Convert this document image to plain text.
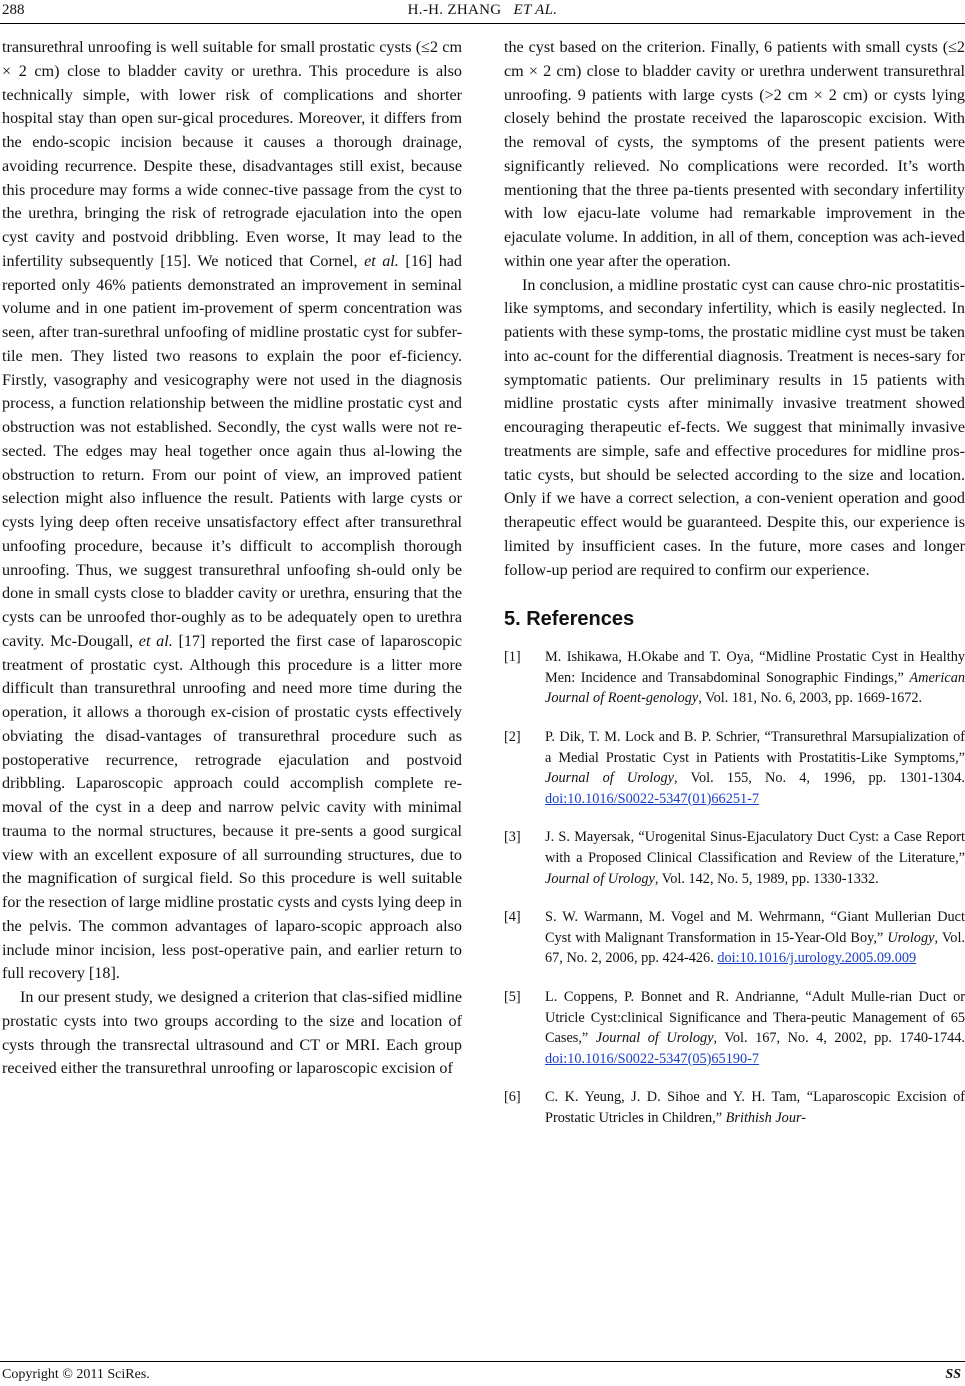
288	H.-H. ZHANG ET AL.

transurethral unroofing is well suitable for small prostatic cysts (≤2 cm × 2 cm) close to bladder cavity or urethra. This procedure is also technically simple, with lower risk of complications and shorter hospital stay than open sur-gical procedures. Moreover, it differs from the endo-scopic incision because it causes a thorough drainage, avoiding recurrence. Despite these, disadvantages still exist, because this procedure may forms a wide connec-tive passage from the cyst to the urethra, bringing the risk of retrograde ejaculation into the open cyst cavity and postvoid dribbling. Even worse, It may lead to the infertility subsequently [15]. We noticed that Cornel, et al. [16] had reported only 46% patients demonstrated an improvement in seminal volume and in one patient im-provement of sperm concentration was seen, after tran-surethral unfoofing of midline prostatic cyst for subfer-tile men. They listed two reasons to explain the poor ef-ficiency. Firstly, vasography and vesicography were not used in the diagnosis process, a function relationship between the midline prostatic cyst and obstruction was not established. Secondly, the cyst walls were not re-sected. The edges may heal together once again thus al-lowing the obstruction to return. From our point of view, an improved patient selection might also influence the result. Patients with large cysts or cysts lying deep often receive unsatisfactory effect after transurethral unfoofing procedure, because it’s difficult to accomplish thorough unroofing. Thus, we suggest transurethral unfoofing sh-ould only be done in small cysts close to bladder cavity or urethra, ensuring that the cysts can be unroofed thor-oughly as to be adequately open to urethra cavity. Mc-Dougall, et al. [17] reported the first case of laparoscopic treatment of prostatic cyst. Although this procedure is a litter more difficult than transurethral unroofing and need more time during the operation, it allows a thorough ex-cision of prostatic cysts effectively obviating the disad-vantages of transurethral procedure such as postoperative recurrence, retrograde ejaculation and postvoid dribbling. Laparoscopic approach could accomplish complete re-moval of the cyst in a deep and narrow pelvic cavity with minimal trauma to the normal structures, because it pre-sents a good surgical view with an excellent exposure of all surrounding structures, due to the magnification of surgical field. So this procedure is well suitable for the resection of large midline prostatic cysts and cysts lying deep in the pelvis. The common advantages of laparo-scopic approach also include minor incision, less post-operative pain, and earlier return to full recovery [18].

In our present study, we designed a criterion that clas-sified midline prostatic cysts into two groups according to the size and location of cysts through the transrectal ultrasound and CT or MRI. Each group received either the transurethral unroofing or laparoscopic excision of

the cyst based on the criterion. Finally, 6 patients with small cysts (≤2 cm × 2 cm) close to bladder cavity or urethra underwent transurethral unroofing. 9 patients with large cysts (>2 cm × 2 cm) or cysts lying closely behind the prostate received the laparoscopic excision. With the removal of cysts, the symptoms of the present patients were significantly relieved. No complications were recorded. It’s worth mentioning that the three pa-tients presented with secondary infertility with low ejacu-late volume had remarkable improvement in the ejaculate volume. In addition, in all of them, conception was ach-ieved within one year after the operation.

In conclusion, a midline prostatic cyst can cause chro-nic prostatitis-like symptoms, and secondary infertility, which is easily neglected. In patients with these symp-toms, the prostatic midline cyst must be taken into ac-count for the differential diagnosis. Treatment is neces-sary for symptomatic patients. Our preliminary results in 15 patients with midline prostatic cysts after minimally invasive treatment showed encouraging therapeutic ef-fects. We suggest that minimally invasive treatments are simple, safe and effective procedures for midline pros-tatic cysts, but should be selected according to the size and location. Only if we have a correct selection, a con-venient operation and good therapeutic effect would be guaranteed. Despite this, our experience is limited by insufficient cases. In the future, more cases and longer follow-up period are required to confirm our experience.

5. References
[1]	M. Ishikawa, H.Okabe and T. Oya, “Midline Prostatic Cyst in Healthy Men: Incidence and Transabdominal Sonographic Findings,” American Journal of Roent-genology, Vol. 181, No. 6, 2003, pp. 1669-1672.
[2]	P. Dik, T. M. Lock and B. P. Schrier, “Transurethral Marsupialization of a Medial Prostatic Cyst in Patients with Prostatitis-Like Symptoms,” Journal of Urology, Vol. 155, No. 4, 1996, pp. 1301-1304. doi:10.1016/S0022-5347(01)66251-7
[3]	J. S. Mayersak, “Urogenital Sinus-Ejaculatory Duct Cyst: a Case Report with a Proposed Clinical Classification and Review of the Literature,” Journal of Urology, Vol. 142, No. 5, 1989, pp. 1330-1332.
[4]	S. W. Warmann, M. Vogel and M. Wehrmann, “Giant Mullerian Duct Cyst with Malignant Transformation in 15-Year-Old Boy,” Urology, Vol. 67, No. 2, 2006, pp. 424-426. doi:10.1016/j.urology.2005.09.009
[5]	L. Coppens, P. Bonnet and R. Andrianne, “Adult Mulle-rian Duct or Utricle Cyst:clinical Significance and Thera-peutic Management of 65 Cases,” Journal of Urology, Vol. 167, No. 4, 2002, pp. 1740-1744. doi:10.1016/S0022-5347(05)65190-7
[6]	C. K. Yeung, J. D. Sihoe and Y. H. Tam, “Laparoscopic Excision of Prostatic Utricles in Children,” Brithish Jour-
Copyright © 2011 SciRes.	SS
